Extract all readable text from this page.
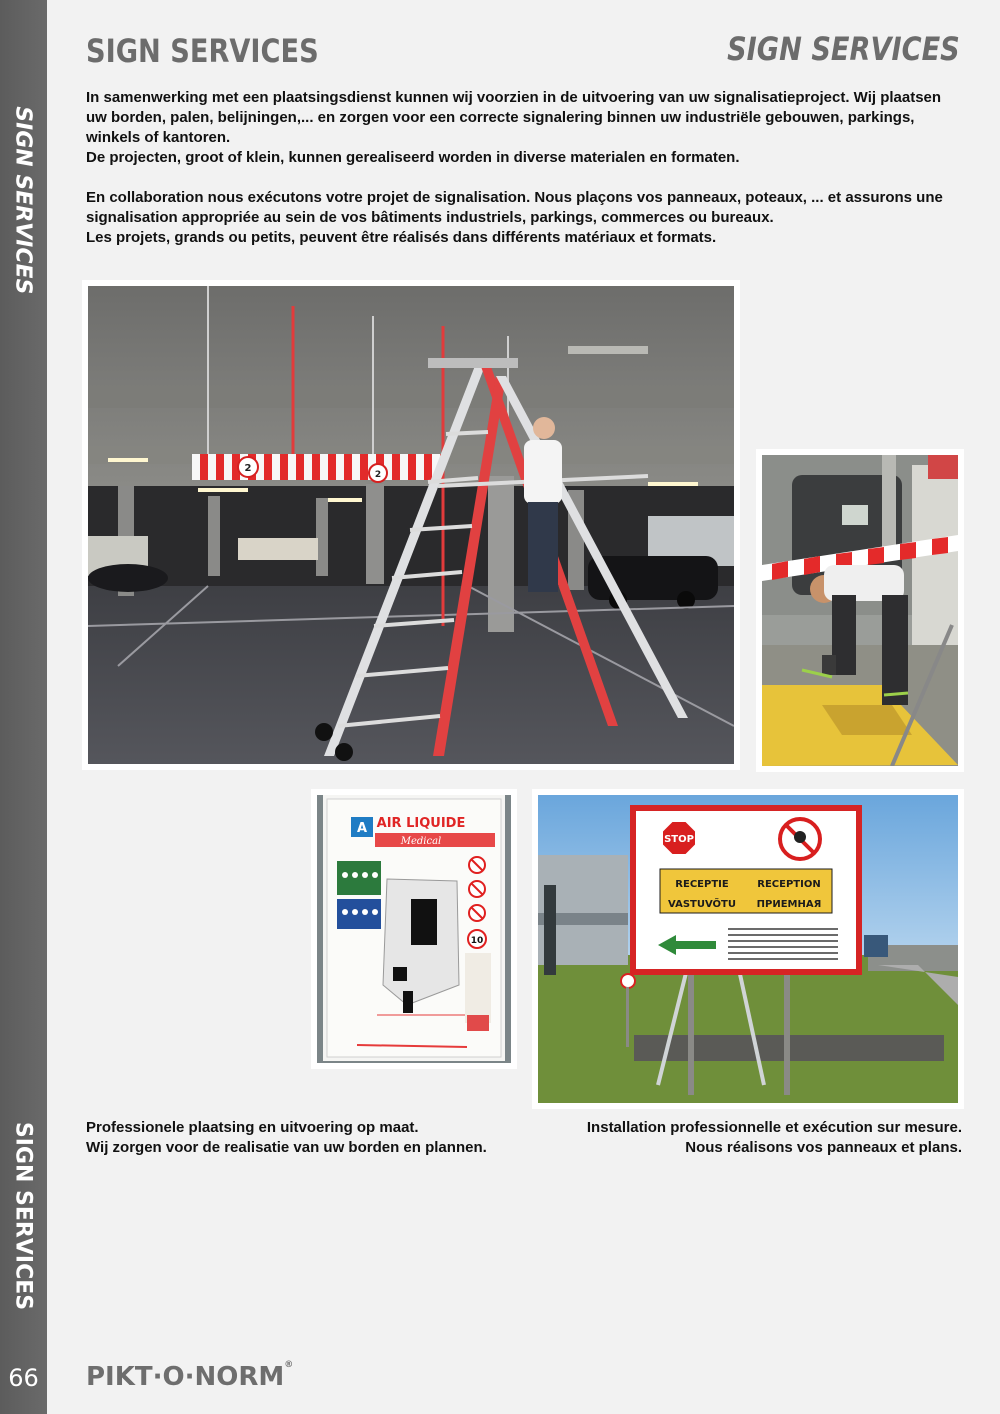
SIGN SERVICES
SIGN SERVICES
66
SIGN SERVICES	SIGN SERVICES

In samenwerking met een plaatsingsdienst kunnen wij voorzien in de uitvoering van uw signalisatieproject. Wij plaatsen uw borden, palen, belijningen,... en zorgen voor een correcte signalering binnen uw industriële gebouwen, parkings, winkels of kantoren.

De projecten, groot of klein, kunnen gerealiseerd worden in diverse materialen en formaten.

En collaboration nous exécutons votre projet de signalisation. Nous plaçons vos panneaux, poteaux, ... et assurons une signalisation appropriée au sein de vos bâtiments industriels, parkings, commerces ou bureaux.

Les projets, grands ou petits, peuvent être réalisés dans différents matériaux et formats.

2
2
A AIR LIQUIDE
Medical
10
STOP
RECEPTIE	RECEPTION
VASTUVÕTU ПРИЕМНАЯ
Professionele plaatsing en uitvoering op maat.
Wij zorgen voor de realisatie van uw borden en plannen.
Installation professionnelle et exécution sur mesure.
Nous réalisons vos panneaux et plans.
PIKT·O·NORM®
